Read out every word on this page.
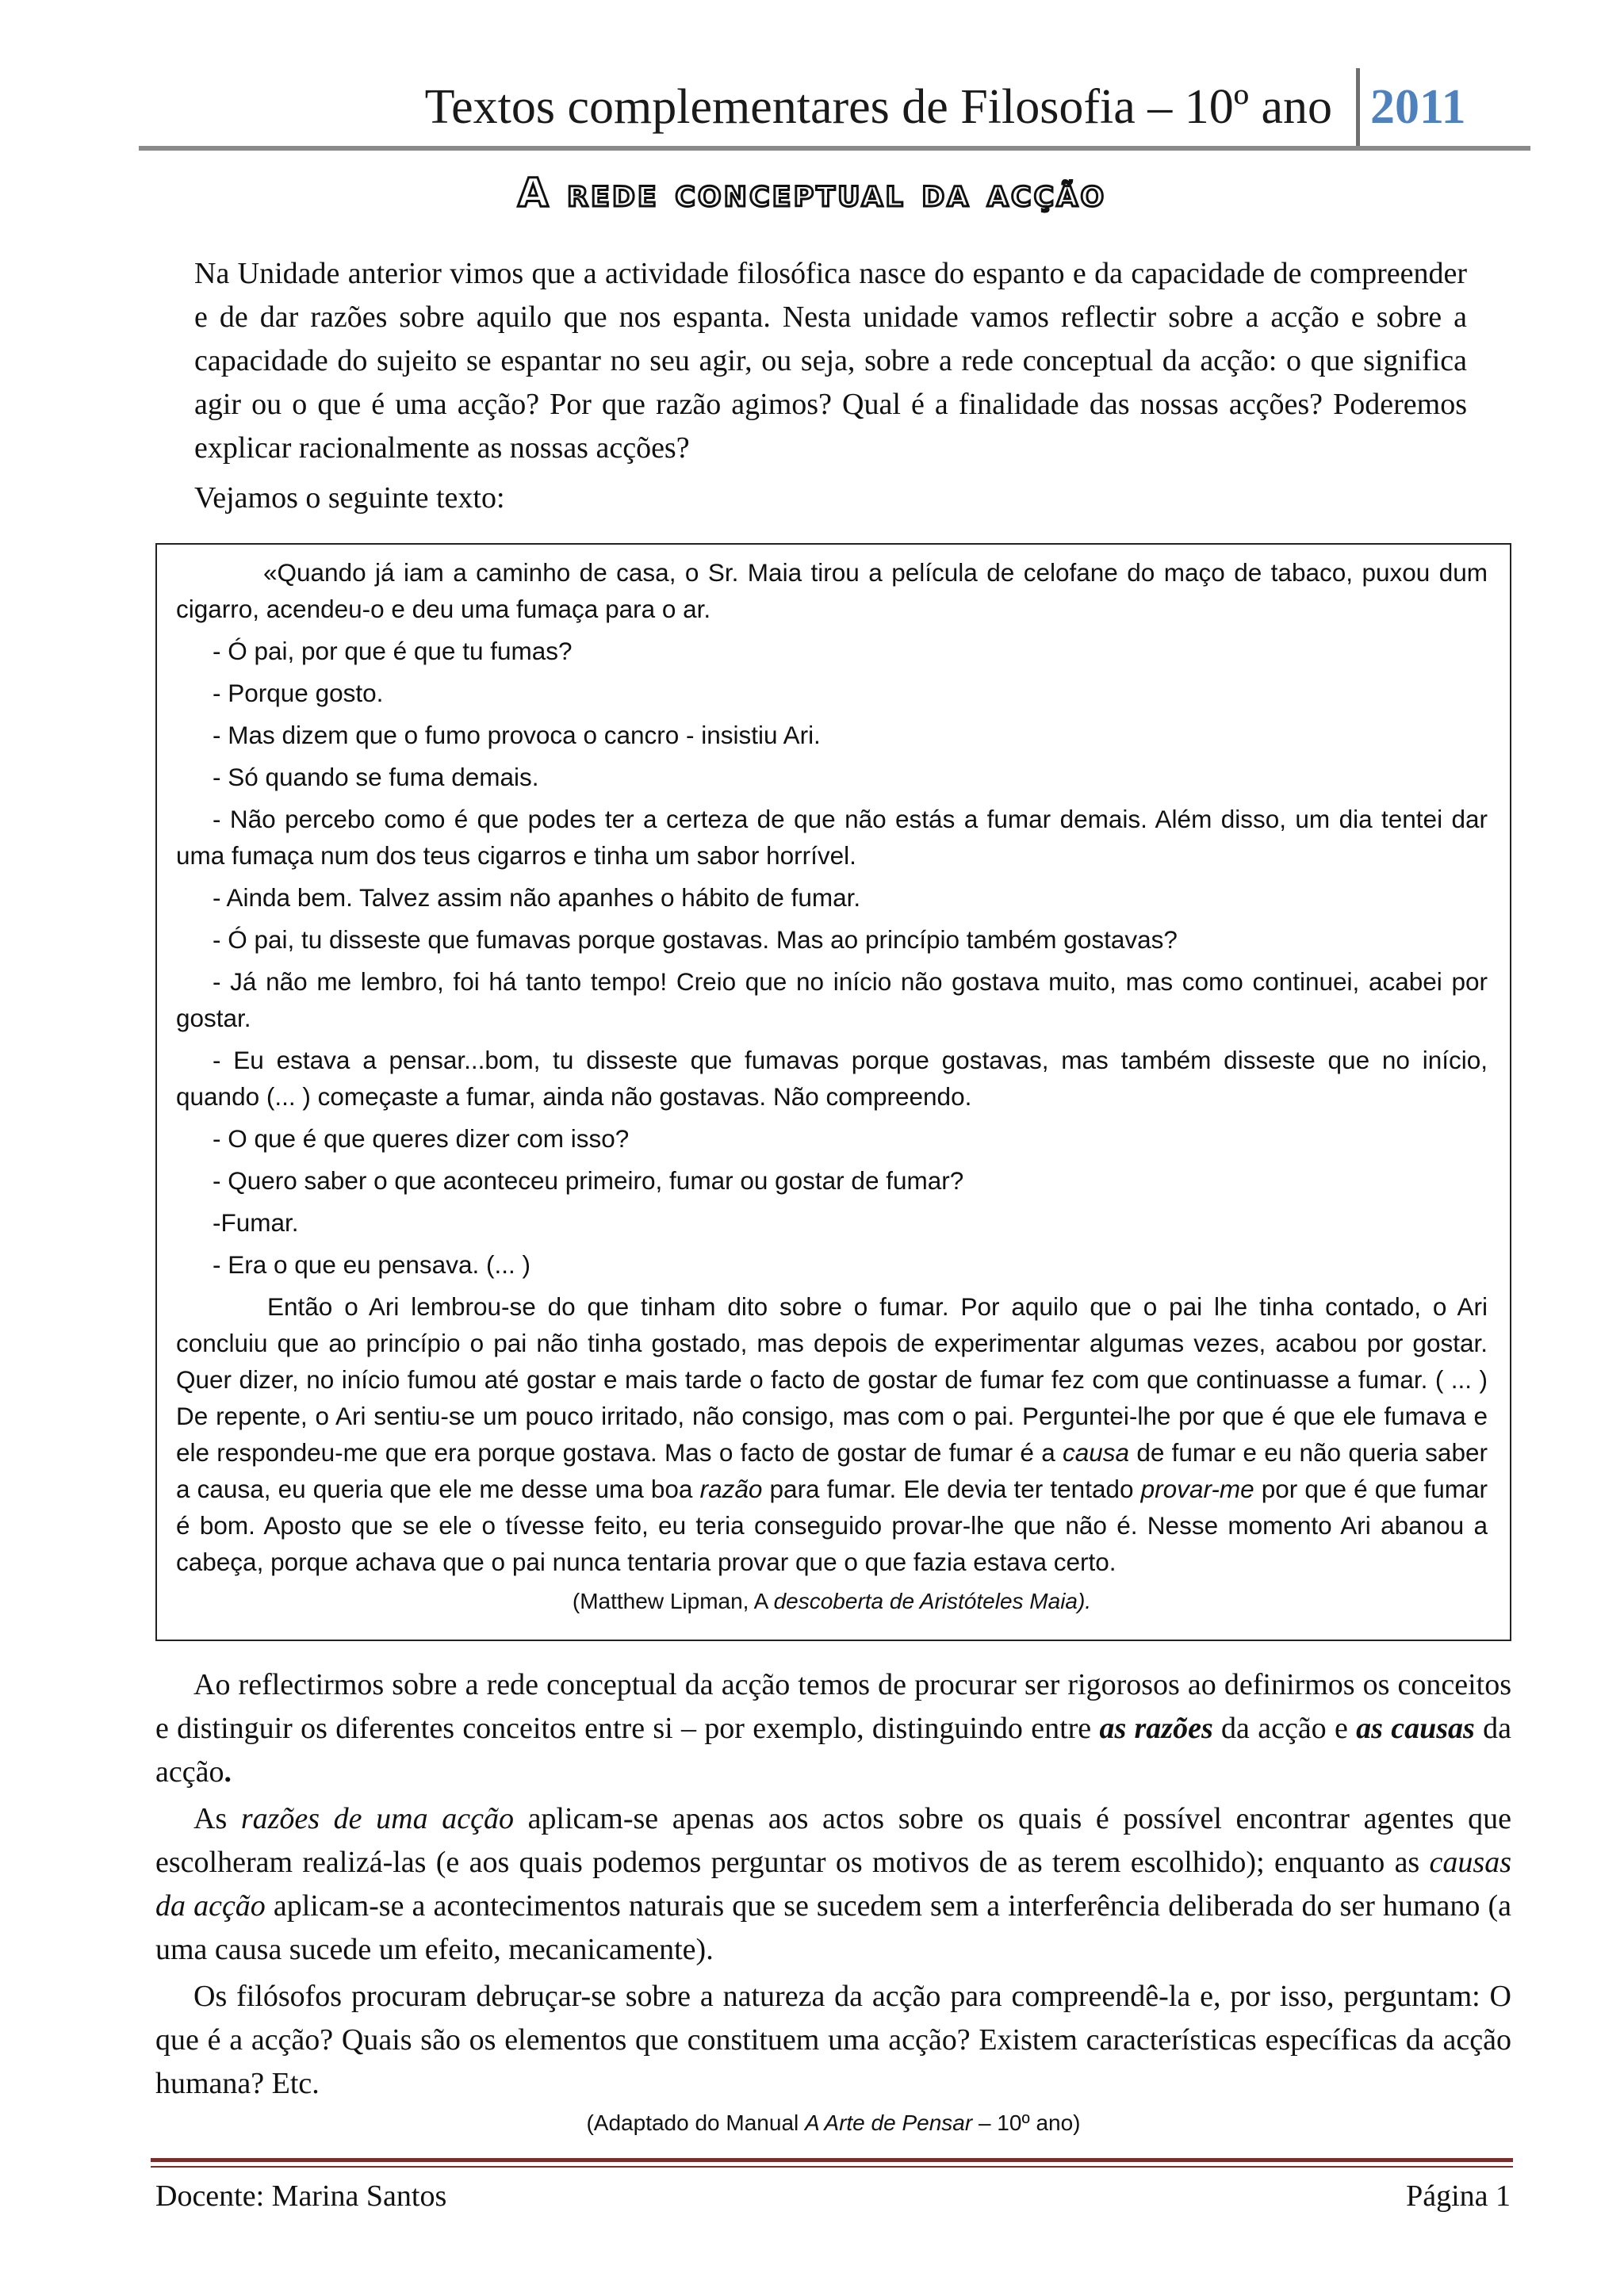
Textos complementares de Filosofia – 10º ano 2011
A rede conceptual da acção

Na Unidade anterior vimos que a actividade filosófica nasce do espanto e da capacidade de compreender e de dar razões sobre aquilo que nos espanta. Nesta unidade vamos reflectir sobre a acção e sobre a capacidade do sujeito se espantar no seu agir, ou seja, sobre a rede conceptual da acção: o que significa agir ou o que é uma acção? Por que razão agimos? Qual é a finalidade das nossas acções? Poderemos explicar racionalmente as nossas acções?

Vejamos o seguinte texto:

«Quando já iam a caminho de casa, o Sr. Maia tirou a película de celofane do maço de tabaco, puxou dum cigarro, acendeu-o e deu uma fumaça para o ar.

- Ó pai, por que é que tu fumas?

- Porque gosto.

- Mas dizem que o fumo provoca o cancro - insistiu Ari.

- Só quando se fuma demais.

- Não percebo como é que podes ter a certeza de que não estás a fumar demais. Além disso, um dia tentei dar uma fumaça num dos teus cigarros e tinha um sabor horrível.

- Ainda bem. Talvez assim não apanhes o hábito de fumar.

- Ó pai, tu disseste que fumavas porque gostavas. Mas ao princípio também gostavas?

- Já não me lembro, foi há tanto tempo! Creio que no início não gostava muito, mas como continuei, acabei por gostar.

- Eu estava a pensar...bom, tu disseste que fumavas porque gostavas, mas também disseste que no início, quando (... ) começaste a fumar, ainda não gostavas. Não compreendo.

- O que é que queres dizer com isso?

- Quero saber o que aconteceu primeiro, fumar ou gostar de fumar?

-Fumar.

- Era o que eu pensava. (... )

Então o Ari lembrou-se do que tinham dito sobre o fumar. Por aquilo que o pai lhe tinha contado, o Ari concluiu que ao princípio o pai não tinha gostado, mas depois de experimentar algumas vezes, acabou por gostar. Quer dizer, no início fumou até gostar e mais tarde o facto de gostar de fumar fez com que continuasse a fumar. ( ... ) De repente, o Ari sentiu-se um pouco irritado, não consigo, mas com o pai. Perguntei-lhe por que é que ele fumava e ele respondeu-me que era porque gostava. Mas o facto de gostar de fumar é a causa de fumar e eu não queria saber a causa, eu queria que ele me desse uma boa razão para fumar. Ele devia ter tentado provar-me por que é que fumar é bom. Aposto que se ele o tívesse feito, eu teria conseguido provar-lhe que não é. Nesse momento Ari abanou a cabeça, porque achava que o pai nunca tentaria provar que o que fazia estava certo.

(Matthew Lipman, A descoberta de Aristóteles Maia).

Ao reflectirmos sobre a rede conceptual da acção temos de procurar ser rigorosos ao definirmos os conceitos e distinguir os diferentes conceitos entre si – por exemplo, distinguindo entre as razões da acção e as causas da acção.

As razões de uma acção aplicam-se apenas aos actos sobre os quais é possível encontrar agentes que escolheram realizá-las (e aos quais podemos perguntar os motivos de as terem escolhido); enquanto as causas da acção aplicam-se a acontecimentos naturais que se sucedem sem a interferência deliberada do ser humano (a uma causa sucede um efeito, mecanicamente).

Os filósofos procuram debruçar-se sobre a natureza da acção para compreendê-la e, por isso, perguntam: O que é a acção? Quais são os elementos que constituem uma acção? Existem características específicas da acção humana? Etc.

(Adaptado do Manual A Arte de Pensar – 10º ano)

Docente: Marina Santos	Página 1
